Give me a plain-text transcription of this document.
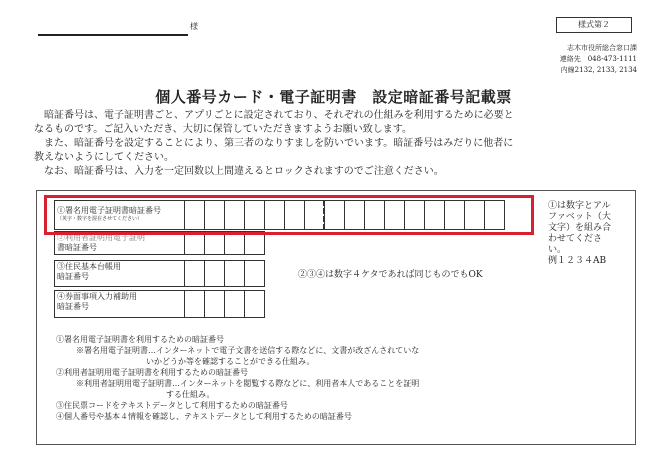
様	様式第２
志木市役所総合窓口課
連絡先　048-473-1111
内線2132, 2133, 2134
個人番号カード・電子証明書　設定暗証番号記載票

暗証番号は、電子証明書ごと、アプリごとに設定されており、それぞれの仕組みを利用するために必要と

なるものです。ご記入いただき、大切に保管していただきますようお願い致します。

また、暗証番号を設定することにより、第三者のなりすましを防いでいます。暗証番号はみだりに他者に

教えないようにしてください。

なお、暗証番号は、入力を一定回数以上間違えるとロックされますのでご注意ください。

①署名用電子証明書暗証番号
（英字・数字を混在させてください）
②利用者証明用電子証明
書暗証番号
③住民基本台帳用
暗証番号
④券面事項入力補助用
暗証番号
①は数字とアル
ファベット（大
文字）を組み合
わせてくださ
い。
例１２３４AB
②③④は数字４ケタであれば同じものでもOK

①署名用電子証明書を利用するための暗証番号

※署名用電子証明書…インターネットで電子文書を送信する際などに、文書が改ざんされていな

いかどうか等を確認することができる仕組み。

②利用者証明用電子証明書を利用するための暗証番号

※利用者証明用電子証明書…インターネットを閲覧する際などに、利用者本人であることを証明

する仕組み。

③住民票コードをテキストデータとして利用するための暗証番号

④個人番号や基本４情報を確認し、テキストデータとして利用するための暗証番号
